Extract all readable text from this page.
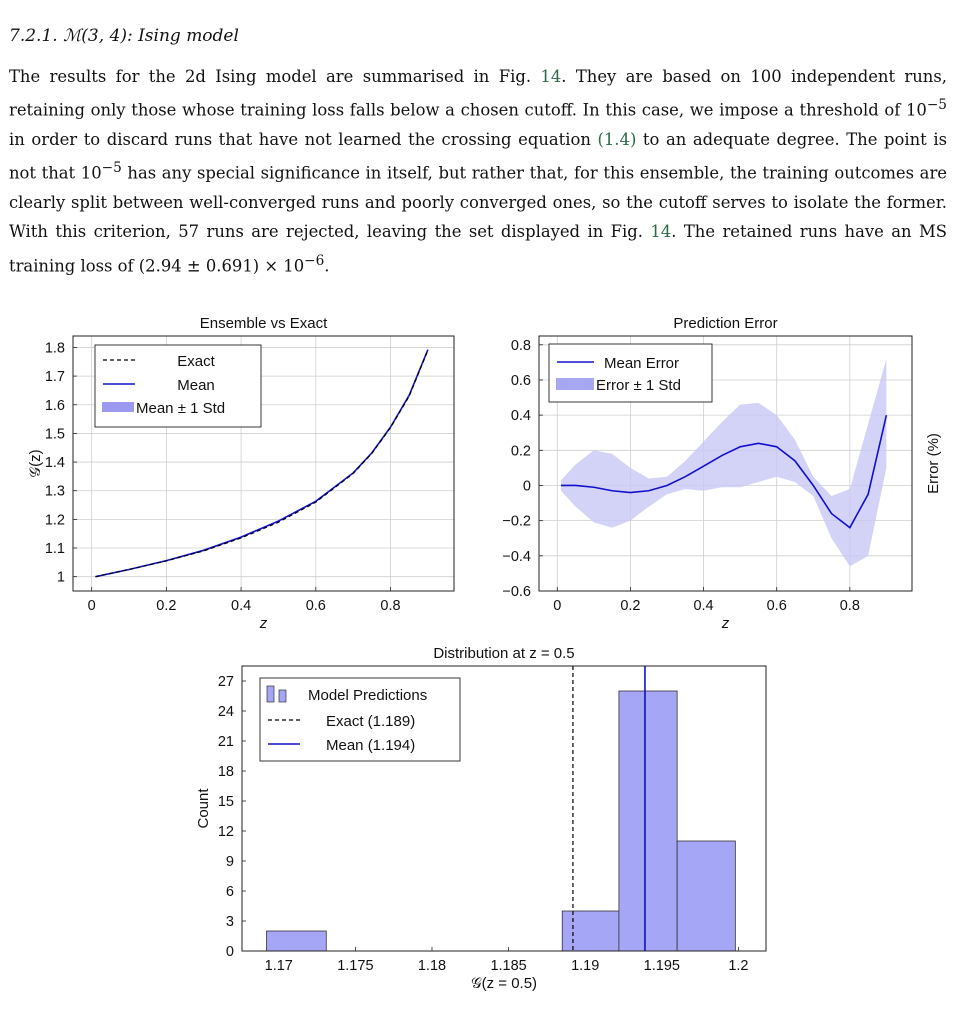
7.2.1. ℳ(3, 4): Ising model
The results for the 2d Ising model are summarised in Fig. 14. They are based on 100 independent runs, retaining only those whose training loss falls below a chosen cutoff. In this case, we impose a threshold of $10^{-5}$ in order to discard runs that have not learned the crossing equation (1.4) to an adequate degree. The point is not that $10^{-5}$ has any special significance in itself, but rather that, for this ensemble, the training outcomes are clearly split between well-converged runs and poorly converged ones, so the cutoff serves to isolate the former. With this criterion, 57 runs are rejected, leaving the set displayed in Fig. 14. The retained runs have an MS training loss of $(2.94 \pm 0.691) \times 10^{-6}$.
0	0.2	0.4	0.6	0.8
1
1.1
1.2
1.3
1.4
1.5
1.6
1.7
1.8
Ensemble vs Exact
z
𝒢(z)
Exact
Mean
Mean ± 1 Std
0	0.2	0.4	0.6	0.8
−0.6
−0.4
−0.2
0
0.2
0.4
0.6
0.8
Prediction Error
z
Error (%)
Mean Error
Error ± 1 Std
1.17	1.175	1.18	1.185	1.19	1.195	1.2
0
3
6
9
12
15
18
21
24
27
Distribution at z = 0.5
𝒢(z = 0.5)
Count
Model Predictions
Exact (1.189)
Mean (1.194)
